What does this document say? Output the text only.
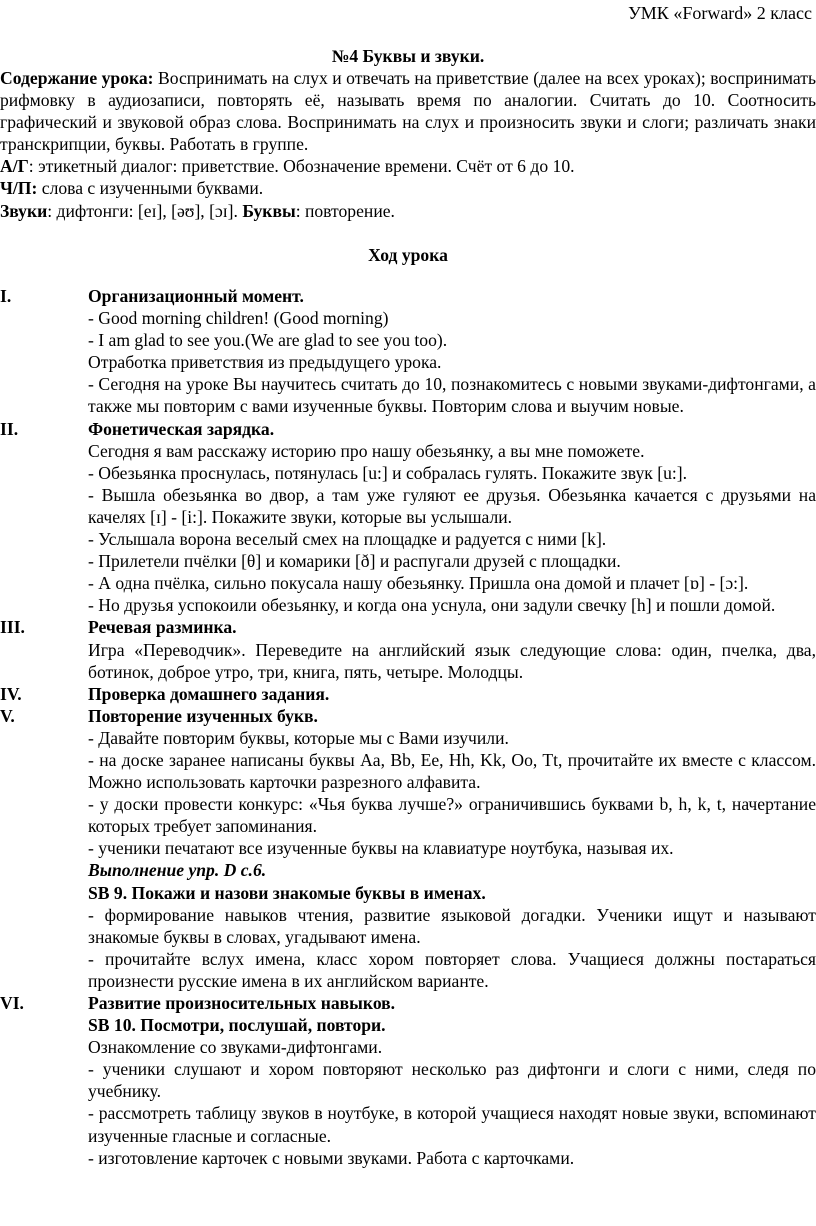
УМК «Forward» 2 класс
№4 Буквы и звуки.

Содержание урока: Воспринимать на слух и отвечать на приветствие (далее на всех уроках); воспринимать рифмовку в аудиозаписи, повторять её, называть время по аналогии. Считать до 10. Соотносить графический и звуковой образ слова. Воспринимать на слух и произносить звуки и слоги; различать знаки транскрипции, буквы. Работать в группе.

А/Г: этикетный диалог: приветствие. Обозначение времени. Счёт от 6 до 10.

Ч/П: слова с изученными буквами.

Звуки: дифтонги: [eɪ], [əʊ], [ɔɪ]. Буквы: повторение.

Ход урока
I.	Организационный момент.

- Good morning children! (Good morning)

- I am glad to see you.(We are glad to see you too).

Отработка приветствия из предыдущего урока.

- Сегодня на уроке Вы научитесь считать до 10, познакомитесь с новыми звуками-дифтонгами, а также мы повторим с вами изученные буквы. Повторим слова и выучим новые.

II.	Фонетическая зарядка.

Сегодня я вам расскажу историю про нашу обезьянку, а вы мне поможете.

- Обезьянка проснулась, потянулась [u:] и собралась гулять. Покажите звук [u:].

- Вышла обезьянка во двор, а там уже гуляют ее друзья. Обезьянка качается с друзьями на качелях [ɪ] - [i:]. Покажите звуки, которые вы услышали.

- Услышала ворона веселый смех на площадке и радуется с ними [k].

- Прилетели пчёлки [θ] и комарики [ð] и распугали друзей с площадки.

- А одна пчёлка, сильно покусала нашу обезьянку. Пришла она домой и плачет [ɒ] - [ɔ:].

- Но друзья успокоили обезьянку, и когда она уснула, они задули свечку [h] и пошли домой.

III.	Речевая разминка.

Игра «Переводчик». Переведите на английский язык следующие слова: один, пчелка, два, ботинок, доброе утро, три, книга, пять, четыре. Молодцы.

IV.	Проверка домашнего задания.
V.	Повторение изученных букв.

- Давайте повторим буквы, которые мы с Вами изучили.

- на доске заранее написаны буквы Aa, Bb, Ee, Hh, Kk, Oo, Tt, прочитайте их вместе с классом. Можно использовать карточки разрезного алфавита.

- у доски провести конкурс: «Чья буква лучше?» ограничившись буквами b, h, k, t, начертание которых требует запоминания.

- ученики печатают все изученные буквы на клавиатуре ноутбука, называя их.

Выполнение упр. D с.6.

SB 9. Покажи и назови знакомые буквы в именах.

- формирование навыков чтения, развитие языковой догадки. Ученики ищут и называют знакомые буквы в словах, угадывают имена.

- прочитайте вслух имена, класс хором повторяет слова. Учащиеся должны постараться произнести русские имена в их английском варианте.

VI.	Развитие произносительных навыков.
SB 10. Посмотри, послушай, повтори.

Ознакомление со звуками-дифтонгами.

- ученики слушают и хором повторяют несколько раз дифтонги и слоги с ними, следя по учебнику.

- рассмотреть таблицу звуков в ноутбуке, в которой учащиеся находят новые звуки, вспоминают изученные гласные и согласные.

- изготовление карточек с новыми звуками. Работа с карточками.
